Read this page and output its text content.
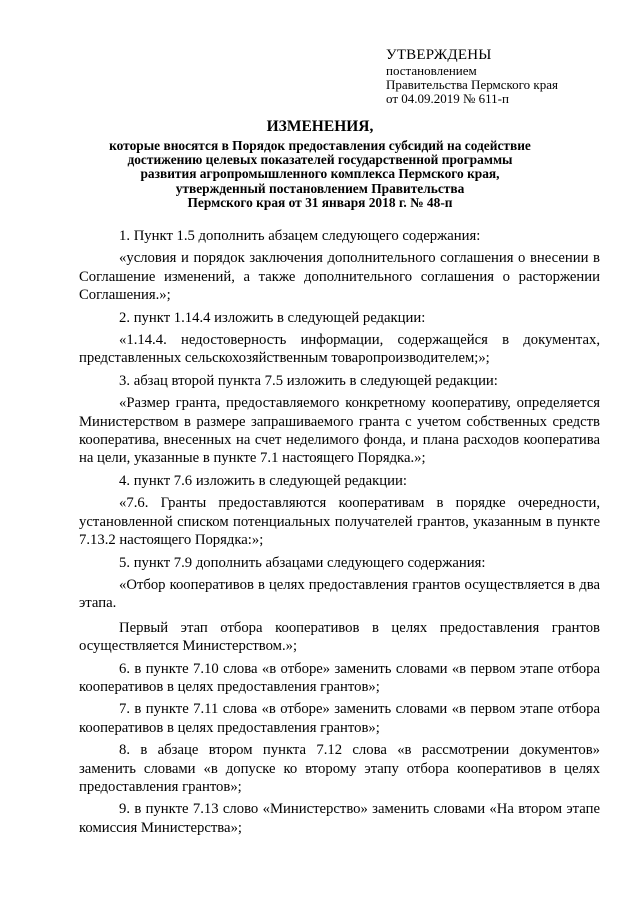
УТВЕРЖДЕНЫ
постановлением
Правительства Пермского края
от 04.09.2019 № 611-п
ИЗМЕНЕНИЯ,
которые вносятся в Порядок предоставления субсидий на содействие
достижению целевых показателей государственной программы
развития агропромышленного комплекса Пермского края,
утвержденный постановлением Правительства
Пермского края от 31 января 2018 г. № 48-п

1. Пункт 1.5 дополнить абзацем следующего содержания:

«условия и порядок заключения дополнительного соглашения о внесении в Соглашение изменений, а также дополнительного соглашения о расторжении Соглашения.»;

2. пункт 1.14.4 изложить в следующей редакции:

«1.14.4. недостоверность информации, содержащейся в документах, представленных сельскохозяйственным товаропроизводителем;»;

3. абзац второй пункта 7.5 изложить в следующей редакции:

«Размер гранта, предоставляемого конкретному кооперативу, определяется Министерством в размере запрашиваемого гранта с учетом собственных средств кооператива, внесенных на счет неделимого фонда, и плана расходов кооператива на цели, указанные в пункте 7.1 настоящего Порядка.»;

4. пункт 7.6 изложить в следующей редакции:

«7.6. Гранты предоставляются кооперативам в порядке очередности, установленной списком потенциальных получателей грантов, указанным в пункте 7.13.2 настоящего Порядка:»;

5. пункт 7.9 дополнить абзацами следующего содержания:

«Отбор кооперативов в целях предоставления грантов осуществляется в два этапа.

Первый этап отбора кооперативов в целях предоставления грантов осуществляется Министерством.»;

6. в пункте 7.10 слова «в отборе» заменить словами «в первом этапе отбора кооперативов в целях предоставления грантов»;

7. в пункте 7.11 слова «в отборе» заменить словами «в первом этапе отбора кооперативов в целях предоставления грантов»;

8. в абзаце втором пункта 7.12 слова «в рассмотрении документов» заменить словами «в допуске ко второму этапу отбора кооперативов в целях предоставления грантов»;

9. в пункте 7.13 слово «Министерство» заменить словами «На втором этапе комиссия Министерства»;
